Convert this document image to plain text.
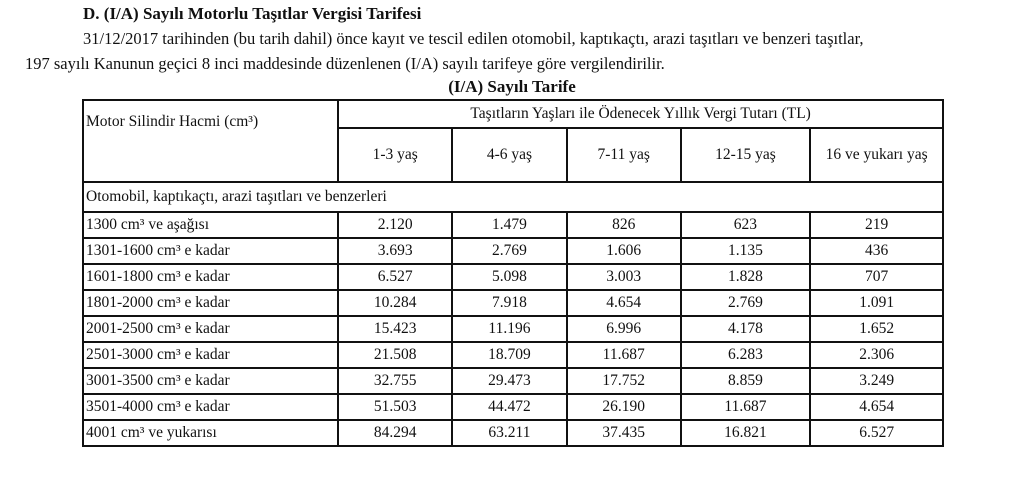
D. (I/A) Sayılı Motorlu Taşıtlar Vergisi Tarifesi
31/12/2017 tarihinden (bu tarih dahil) önce kayıt ve tescil edilen otomobil, kaptıkaçtı, arazi taşıtları ve benzeri taşıtlar,
197 sayılı Kanunun geçici 8 inci maddesinde düzenlenen (I/A) sayılı tarifeye göre vergilendirilir.
(I/A) Sayılı Tarife
Motor Silindir Hacmi (cm³)	Taşıtların Yaşları ile Ödenecek Yıllık Vergi Tutarı (TL)				
	1-3 yaş	4-6 yaş	7-11 yaş	12-15 yaş	16 ve yukarı yaş
Otomobil, kaptıkaçtı, arazi taşıtları ve benzerleri					
1300 cm³ ve aşağısı	2.120	1.479	826	623	219
1301-1600 cm³ e kadar	3.693	2.769	1.606	1.135	436
1601-1800 cm³ e kadar	6.527	5.098	3.003	1.828	707
1801-2000 cm³ e kadar	10.284	7.918	4.654	2.769	1.091
2001-2500 cm³ e kadar	15.423	11.196	6.996	4.178	1.652
2501-3000 cm³ e kadar	21.508	18.709	11.687	6.283	2.306
3001-3500 cm³ e kadar	32.755	29.473	17.752	8.859	3.249
3501-4000 cm³ e kadar	51.503	44.472	26.190	11.687	4.654
4001 cm³ ve yukarısı	84.294	63.211	37.435	16.821	6.527
